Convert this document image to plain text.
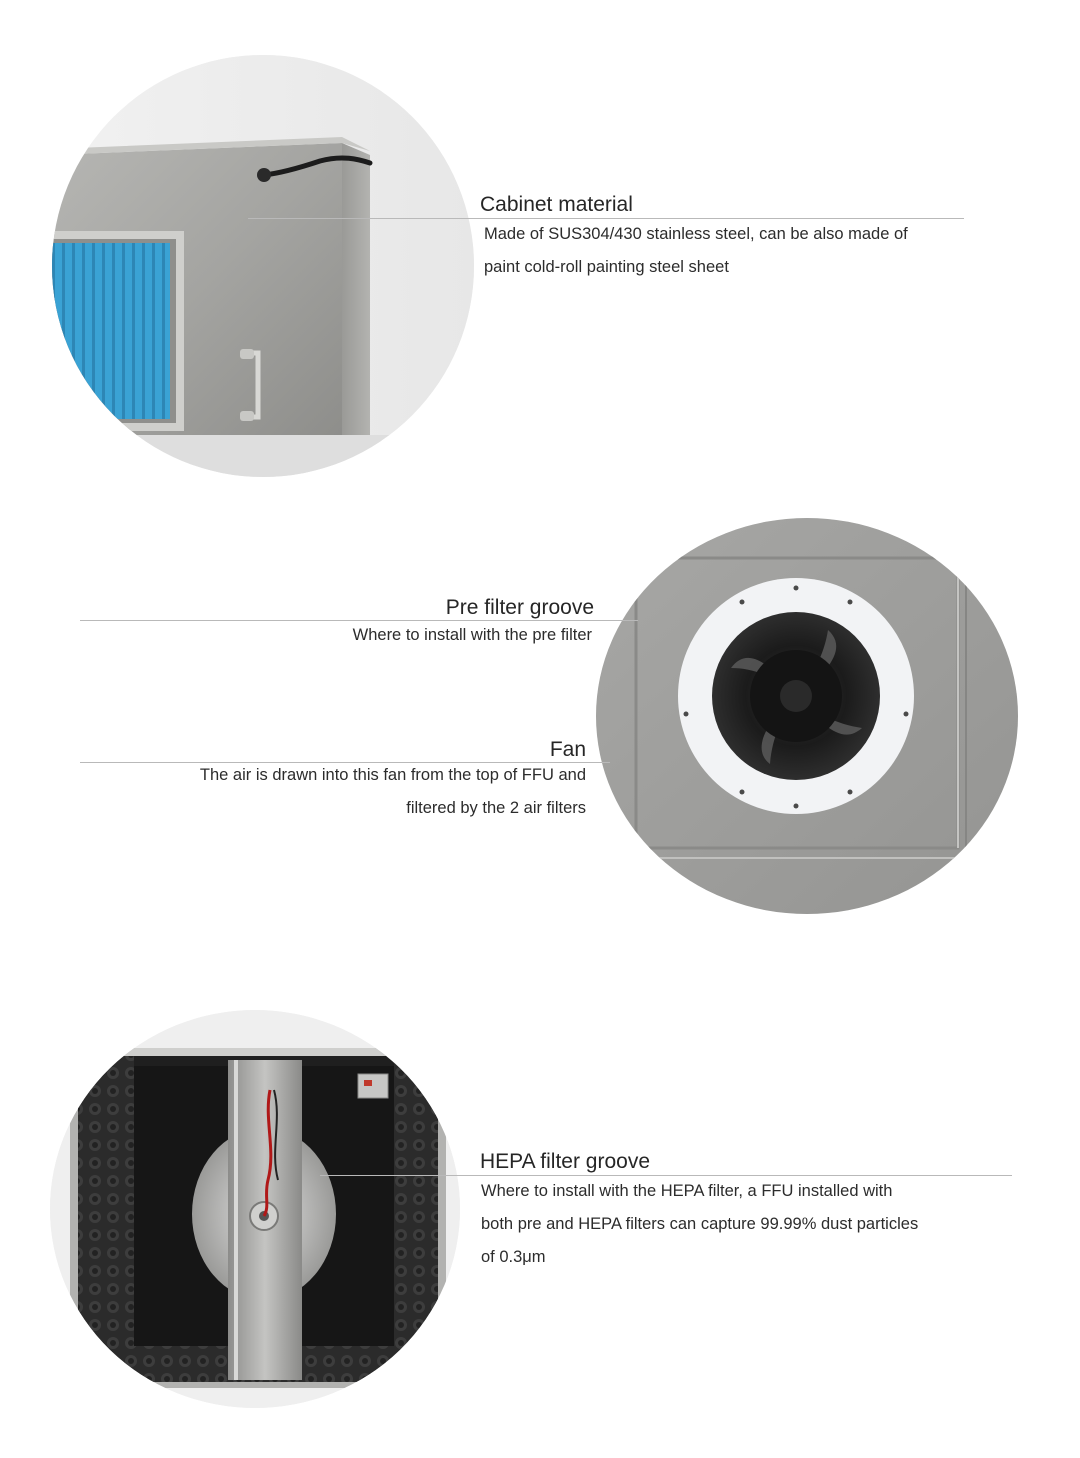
Cabinet material
Made of SUS304/430 stainless steel, can be also made of
paint cold-roll painting steel sheet
Pre filter groove
Where to install with the pre filter
Fan
The air is drawn into this fan from the top of FFU and
filtered by the 2 air filters
HEPA filter groove
Where to install with the HEPA filter, a FFU installed with
both pre and HEPA filters can capture 99.99% dust particles
of 0.3μm
